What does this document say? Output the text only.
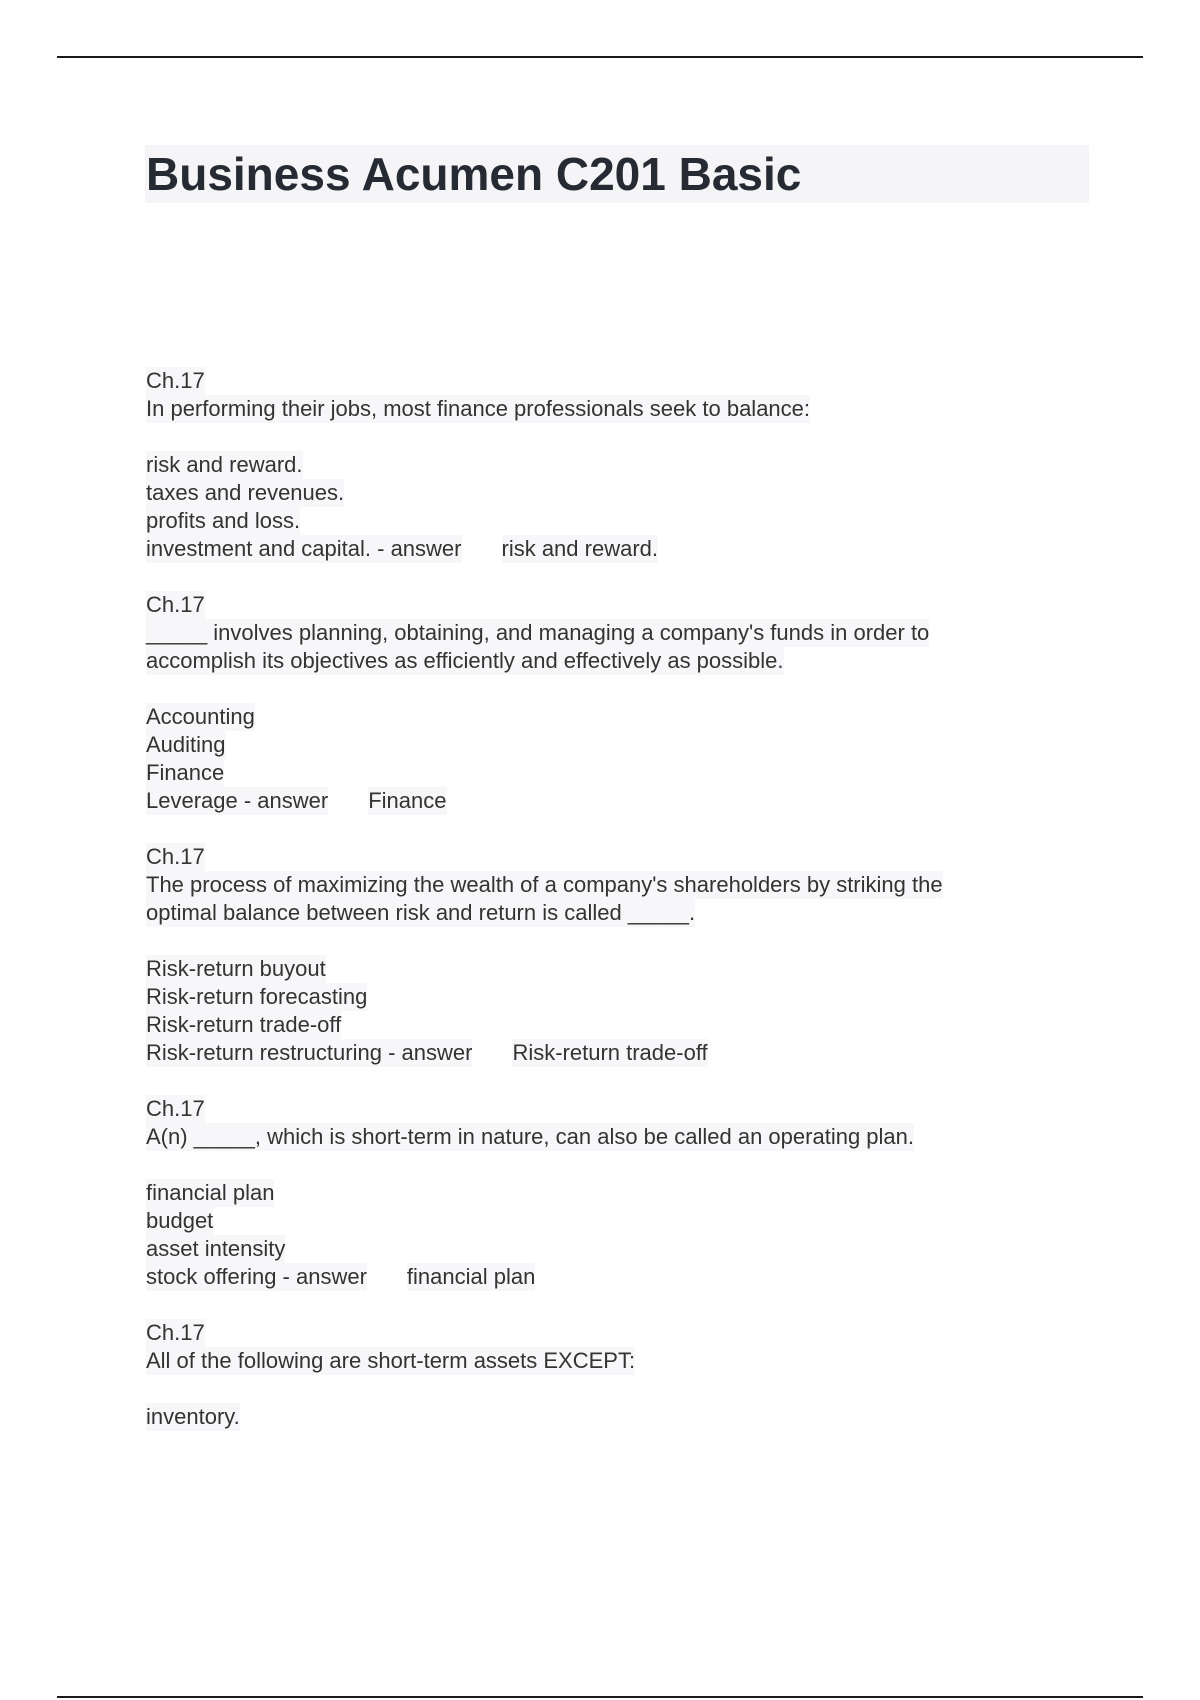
Business Acumen C201 Basic
Ch.17
In performing their jobs, most finance professionals seek to balance:
risk and reward.
taxes and revenues.
profits and loss.
investment and capital. - answer risk and reward.
Ch.17
_____ involves planning, obtaining, and managing a company's funds in order to
accomplish its objectives as efficiently and effectively as possible.
Accounting
Auditing
Finance
Leverage - answer Finance
Ch.17
The process of maximizing the wealth of a company's shareholders by striking the
optimal balance between risk and return is called _____.
Risk-return buyout
Risk-return forecasting
Risk-return trade-off
Risk-return restructuring - answer Risk-return trade-off
Ch.17
A(n) _____, which is short-term in nature, can also be called an operating plan.
financial plan
budget
asset intensity
stock offering - answer financial plan
Ch.17
All of the following are short-term assets EXCEPT:
inventory.
